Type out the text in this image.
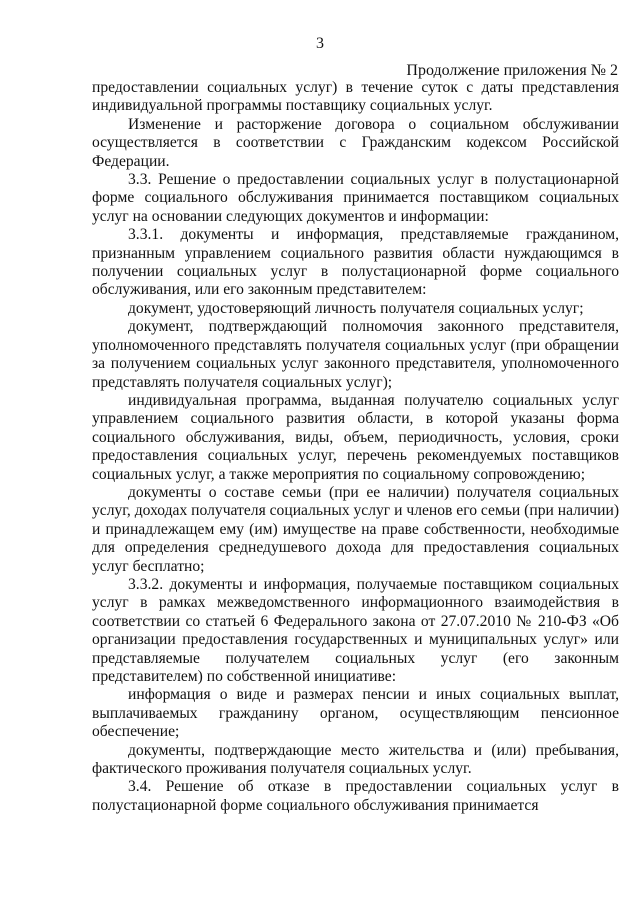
3
Продолжение приложения № 2

предоставлении социальных услуг) в течение суток с даты представления индивидуальной программы поставщику социальных услуг.

Изменение и расторжение договора о социальном обслуживании осуществляется в соответствии с Гражданским кодексом Российской Федерации.

3.3. Решение о предоставлении социальных услуг в полустационарной форме социального обслуживания принимается поставщиком социальных услуг на основании следующих документов и информации:

3.3.1. документы и информация, представляемые гражданином, признанным управлением социального развития области нуждающимся в получении социальных услуг в полустационарной форме социального обслуживания, или его законным представителем:

документ, удостоверяющий личность получателя социальных услуг;

документ, подтверждающий полномочия законного представителя, уполномоченного представлять получателя социальных услуг (при обращении за получением социальных услуг законного представителя, уполномоченного представлять получателя социальных услуг);

индивидуальная программа, выданная получателю социальных услуг управлением социального развития области, в которой указаны форма социального обслуживания, виды, объем, периодичность, условия, сроки предоставления социальных услуг, перечень рекомендуемых поставщиков социальных услуг, а также мероприятия по социальному сопровождению;

документы о составе семьи (при ее наличии) получателя социальных услуг, доходах получателя социальных услуг и членов его семьи (при наличии) и принадлежащем ему (им) имуществе на праве собственности, необходимые для определения среднедушевого дохода для предоставления социальных услуг бесплатно;

3.3.2. документы и информация, получаемые поставщиком социальных услуг в рамках межведомственного информационного взаимодействия в соответствии со статьей 6 Федерального закона от 27.07.2010 № 210-ФЗ «Об организации предоставления государственных и муниципальных услуг» или представляемые получателем социальных услуг (его законным представителем) по собственной инициативе:

информация о виде и размерах пенсии и иных социальных выплат, выплачиваемых гражданину органом, осуществляющим пенсионное обеспечение;

документы, подтверждающие место жительства и (или) пребывания, фактического проживания получателя социальных услуг.

3.4. Решение об отказе в предоставлении социальных услуг в полустационарной форме социального обслуживания принимается
